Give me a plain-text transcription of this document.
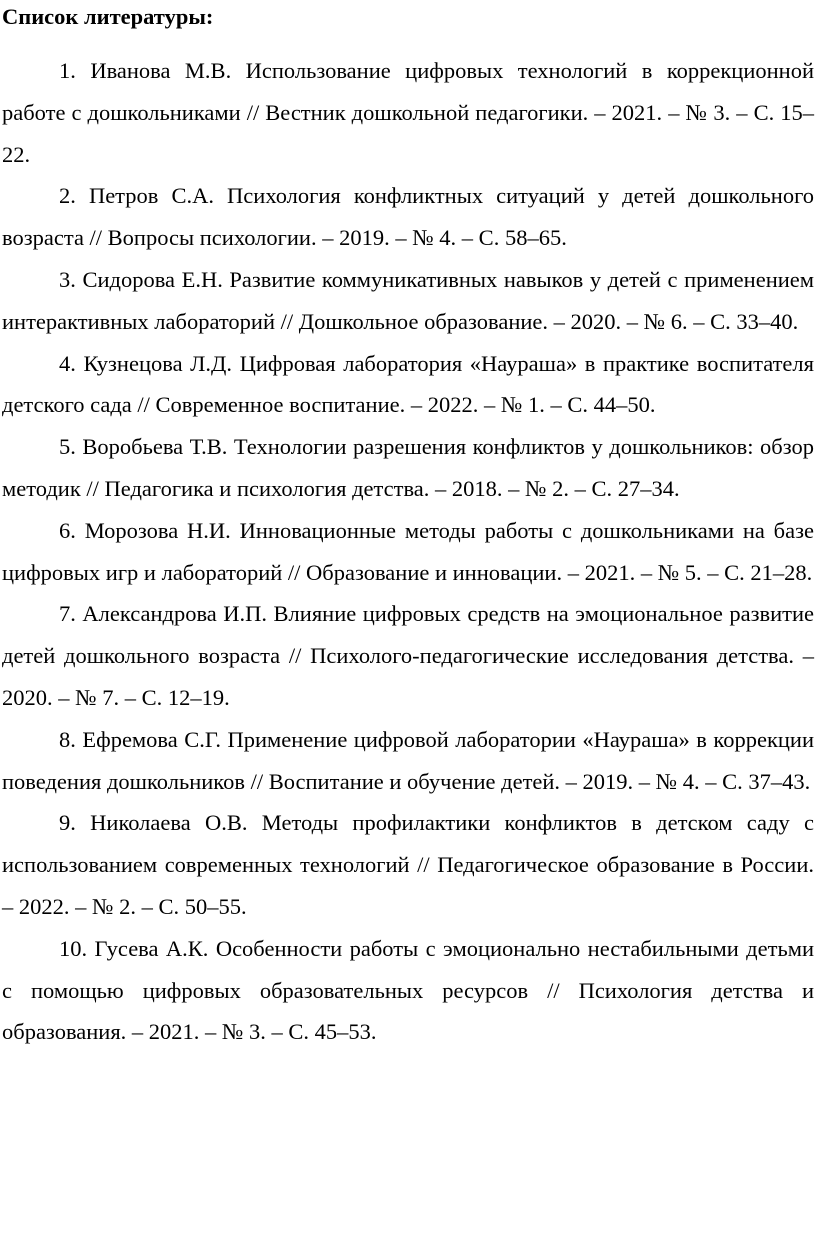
Список литературы:
1. Иванова М.В. Использование цифровых технологий в коррекционной работе с дошкольниками // Вестник дошкольной педагогики. – 2021. – № 3. – С. 15–22.
2. Петров С.А. Психология конфликтных ситуаций у детей дошкольного возраста // Вопросы психологии. – 2019. – № 4. – С. 58–65.
3. Сидорова Е.Н. Развитие коммуникативных навыков у детей с применением интерактивных лабораторий // Дошкольное образование. – 2020. – № 6. – С. 33–40.
4. Кузнецова Л.Д. Цифровая лаборатория «Наураша» в практике воспитателя детского сада // Современное воспитание. – 2022. – № 1. – С. 44–50.
5. Воробьева Т.В. Технологии разрешения конфликтов у дошкольников: обзор методик // Педагогика и психология детства. – 2018. – № 2. – С. 27–34.
6. Морозова Н.И. Инновационные методы работы с дошкольниками на базе цифровых игр и лабораторий // Образование и инновации. – 2021. – № 5. – С. 21–28.
7. Александрова И.П. Влияние цифровых средств на эмоциональное развитие детей дошкольного возраста // Психолого-педагогические исследования детства. – 2020. – № 7. – С. 12–19.
8. Ефремова С.Г. Применение цифровой лаборатории «Наураша» в коррекции поведения дошкольников // Воспитание и обучение детей. – 2019. – № 4. – С. 37–43.
9. Николаева О.В. Методы профилактики конфликтов в детском саду с использованием современных технологий // Педагогическое образование в России. – 2022. – № 2. – С. 50–55.
10. Гусева А.К. Особенности работы с эмоционально нестабильными детьми с помощью цифровых образовательных ресурсов // Психология детства и образования. – 2021. – № 3. – С. 45–53.
